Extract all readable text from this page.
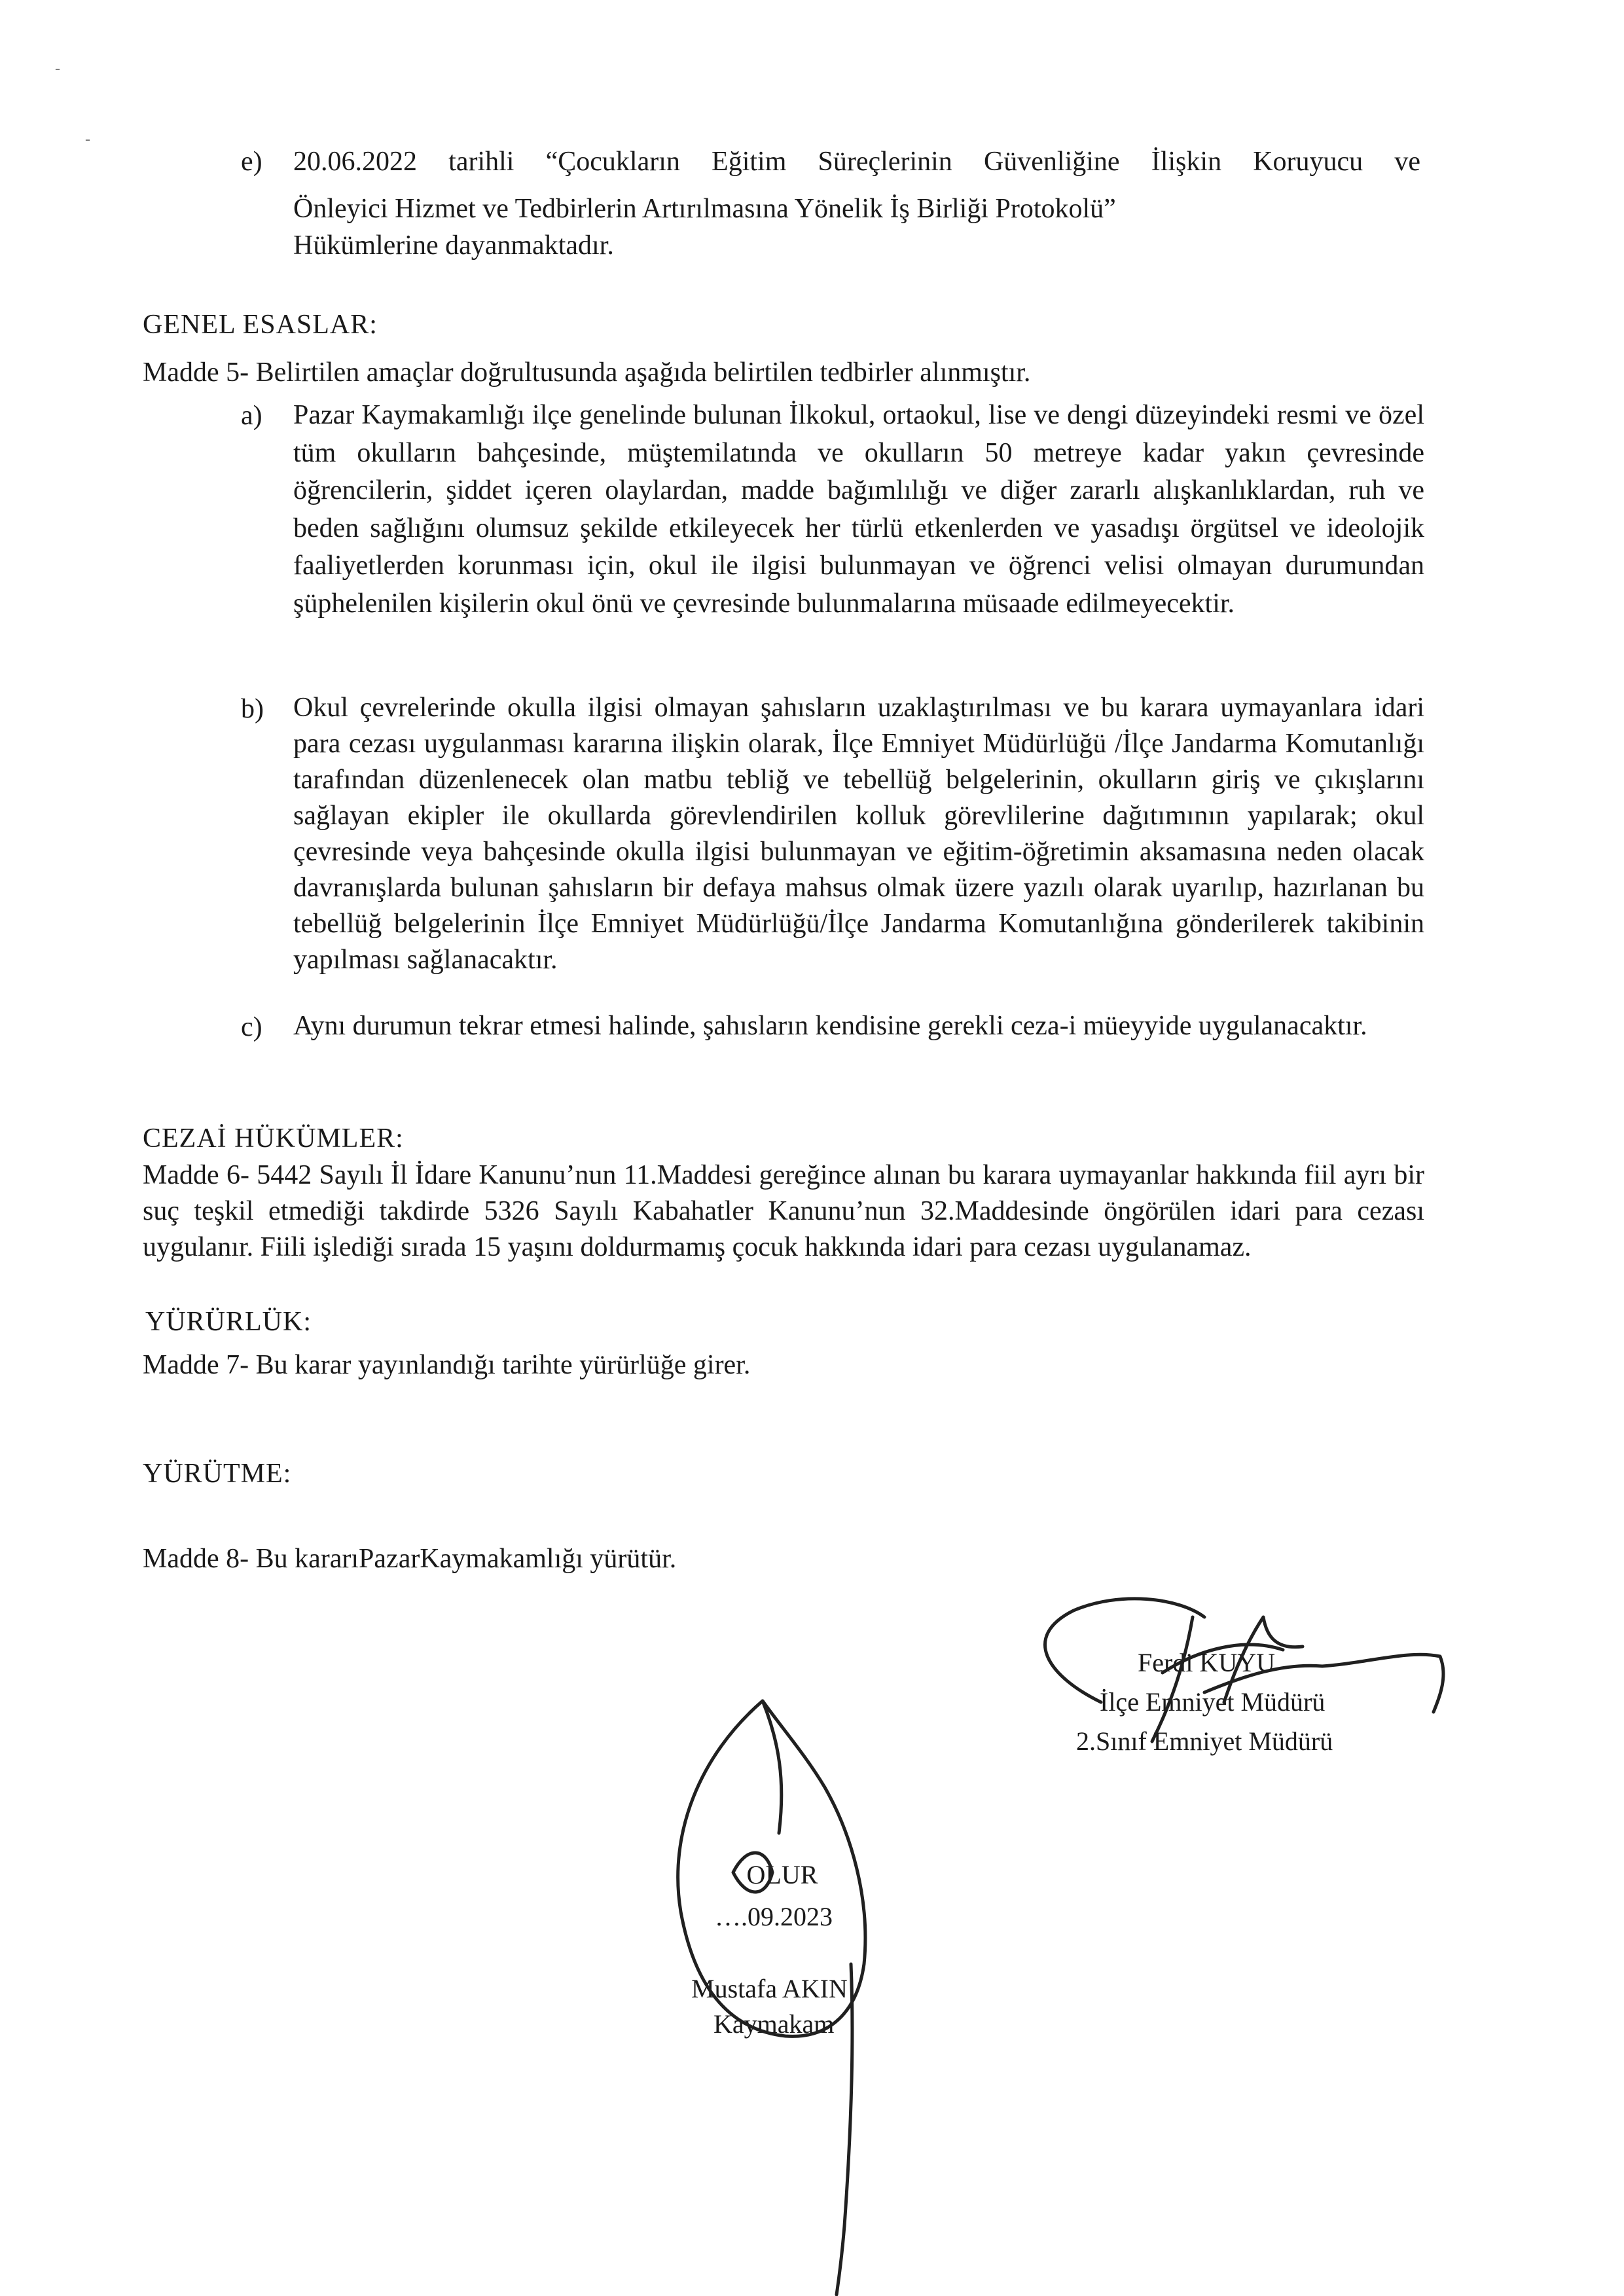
‐
‐
e) 20.06.2022 tarihli “Çocukların Eğitim Süreçlerinin Güvenliğine İlişkin Koruyucu ve
Önleyici Hizmet ve Tedbirlerin Artırılmasına Yönelik İş Birliği Protokolü”
Hükümlerine dayanmaktadır.
GENEL ESASLAR:
Madde 5- Belirtilen amaçlar doğrultusunda aşağıda belirtilen tedbirler alınmıştır.
a) Pazar Kaymakamlığı ilçe genelinde bulunan İlkokul, ortaokul, lise ve dengi düzeyindeki resmi ve özel tüm okulların bahçesinde, müştemilatında ve okulların 50 metreye kadar yakın çevresinde öğrencilerin, şiddet içeren olaylardan, madde bağımlılığı ve diğer zararlı alışkanlıklardan, ruh ve beden sağlığını olumsuz şekilde etkileyecek her türlü etkenlerden ve yasadışı örgütsel ve ideolojik faaliyetlerden korunması için, okul ile ilgisi bulunmayan ve öğrenci velisi olmayan durumundan şüphelenilen kişilerin okul önü ve çevresinde bulunmalarına müsaade edilmeyecektir.
b) Okul çevrelerinde okulla ilgisi olmayan şahısların uzaklaştırılması ve bu karara uymayanlara idari para cezası uygulanması kararına ilişkin olarak, İlçe Emniyet Müdürlüğü /İlçe Jandarma Komutanlığı tarafından düzenlenecek olan matbu tebliğ ve tebellüğ belgelerinin, okulların giriş ve çıkışlarını sağlayan ekipler ile okullarda görevlendirilen kolluk görevlilerine dağıtımının yapılarak; okul çevresinde veya bahçesinde okulla ilgisi bulunmayan ve eğitim-öğretimin aksamasına neden olacak davranışlarda bulunan şahısların bir defaya mahsus olmak üzere yazılı olarak uyarılıp, hazırlanan bu tebellüğ belgelerinin İlçe Emniyet Müdürlüğü/İlçe Jandarma Komutanlığına gönderilerek takibinin yapılması sağlanacaktır.
c) Aynı durumun tekrar etmesi halinde, şahısların kendisine gerekli ceza-i müeyyide uygulanacaktır.
CEZAİ HÜKÜMLER:
Madde 6- 5442 Sayılı İl İdare Kanunu’nun 11.Maddesi gereğince alınan bu karara uymayanlar hakkında fiil ayrı bir suç teşkil etmediği takdirde 5326 Sayılı Kabahatler Kanunu’nun 32.Maddesinde öngörülen idari para cezası uygulanır. Fiili işlediği sırada 15 yaşını doldurmamış çocuk hakkında idari para cezası uygulanamaz.
YÜRÜRLÜK:
Madde 7- Bu karar yayınlandığı tarihte yürürlüğe girer.
YÜRÜTME:
Madde 8- Bu kararıPazarKaymakamlığı yürütür.
Ferdi KUYU
İlçe Emniyet Müdürü
2.Sınıf Emniyet Müdürü
OLUR
….09.2023
Mustafa AKIN
Kaymakam
